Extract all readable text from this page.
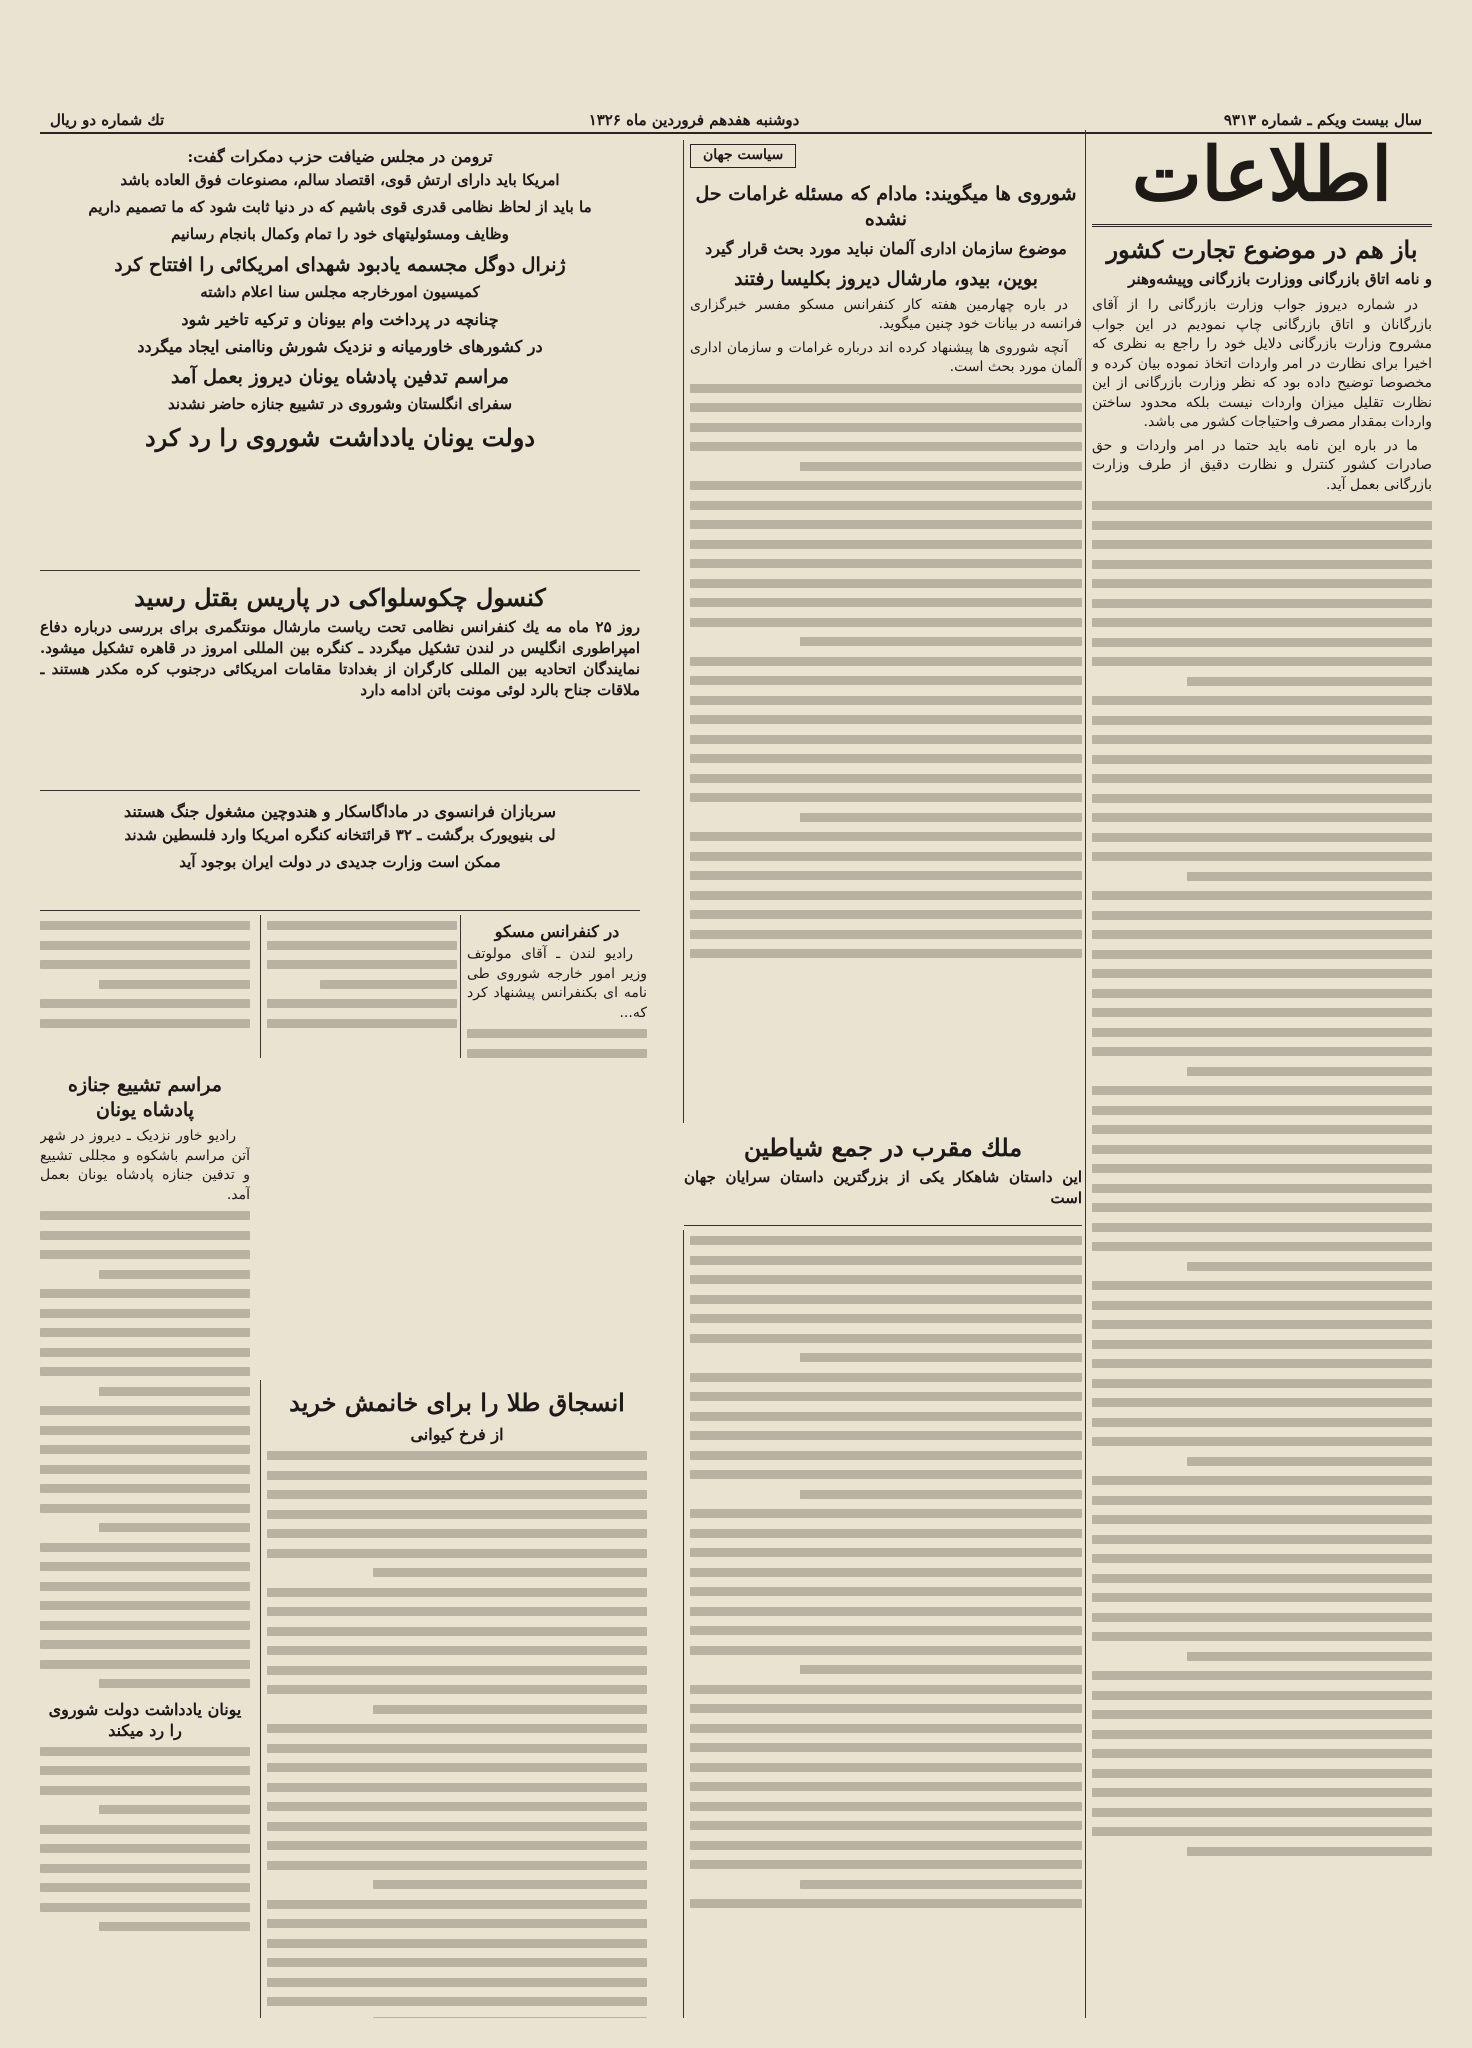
سال بیست ویکم ـ شماره ۹۳۱۳
دوشنبه هفدهم فروردین ماه ۱۳۲۶
تك شماره دو ریال
اطلاعات
باز هم در موضوع تجارت کشور
و نامه اتاق بازرگانی ووزارت بازرگانی وپیشه‌وهنر

در شماره دیروز جواب وزارت بازرگانی را از آقای بازرگانان و اتاق بازرگانی چاپ نمودیم در این جواب مشروح وزارت بازرگانی دلایل خود را راجع به نظری که اخیرا برای نظارت در امر واردات اتخاذ نموده بیان کرده و مخصوصا توضیح داده بود که نظر وزارت بازرگانی از این نظارت تقلیل میزان واردات نیست بلکه محدود ساختن واردات بمقدار مصرف واحتیاجات کشور می باشد.

ما در باره این نامه باید حتما در امر واردات و حق صادرات کشور کنترل و نظارت دقیق از طرف وزارت بازرگانی بعمل آید.

سیاست جهان
شوروی ها میگویند: مادام که مسئله غرامات حل نشده
موضوع سازمان اداری آلمان نباید مورد بحث قرار گیرد
بوین، بیدو، مارشال دیروز بکلیسا رفتند

در باره چهارمین هفته کار کنفرانس مسکو مفسر خبرگزاری فرانسه در بیانات خود چنین میگوید.

آنچه شوروی ها پیشنهاد کرده اند درباره غرامات و سازمان اداری آلمان مورد بحث است.

ملك مقرب در جمع شیاطین
این داستان شاهکار یکی از بزرگترین داستان سرایان جهان است
ترومن در مجلس ضیافت حزب دمکرات گفت:
امریکا باید دارای ارتش قوی، اقتصاد سالم، مصنوعات فوق العاده باشد
ما باید از لحاظ نظامی قدری قوی باشیم که در دنیا ثابت شود که ما تصمیم داریم
وظایف ومسئولیتهای خود را تمام وکمال بانجام رسانیم
ژنرال دوگل مجسمه یادبود شهدای امریکائی را افتتاح کرد
کمیسیون امورخارجه مجلس سنا اعلام داشته
چنانچه در پرداخت وام بیونان و ترکیه تاخیر شود
در کشورهای خاورمیانه و نزدیک شورش وناامنی ایجاد میگردد
مراسم تدفین پادشاه یونان دیروز بعمل آمد
سفرای انگلستان وشوروی در تشییع جنازه حاضر نشدند
دولت یونان یادداشت شوروی را رد کرد
کنسول چکوسلواکی در پاریس بقتل رسید
روز ۲۵ ماه مه یك کنفرانس نظامی تحت ریاست مارشال مونتگمری برای بررسی درباره دفاع امپراطوری انگلیس در لندن تشکیل میگردد ـ کنگره بین المللی امروز در قاهره تشکیل میشود. نمایندگان اتحادیه بین المللی کارگران از بغدادتا مقامات امریکائی درجنوب کره مکدر هستند ـ ملاقات جناح بالرد لوئی مونت باتن ادامه دارد
سربازان فرانسوی در ماداگاسکار و هندوچین مشغول جنگ هستند
لی بنیویورک برگشت ـ ۳۲ قرائتخانه کنگره امریکا وارد فلسطین شدند
ممکن است وزارت جدیدی در دولت ایران بوجود آید
در کنفرانس مسکو

رادیو لندن ـ آقای مولوتف وزیر امور خارجه شوروی طی نامه ای بکنفرانس پیشنهاد کرد که...

مراسم تشییع جنازه پادشاه یونان

رادیو خاور نزدیک ـ دیروز در شهر آتن مراسم باشکوه و مجللی تشییع و تدفین جنازه پادشاه یونان بعمل آمد.

یونان یادداشت دولت شوروی را رد میکند
انسجاق طلا را برای خانمش خرید
از فرخ کیوانی
